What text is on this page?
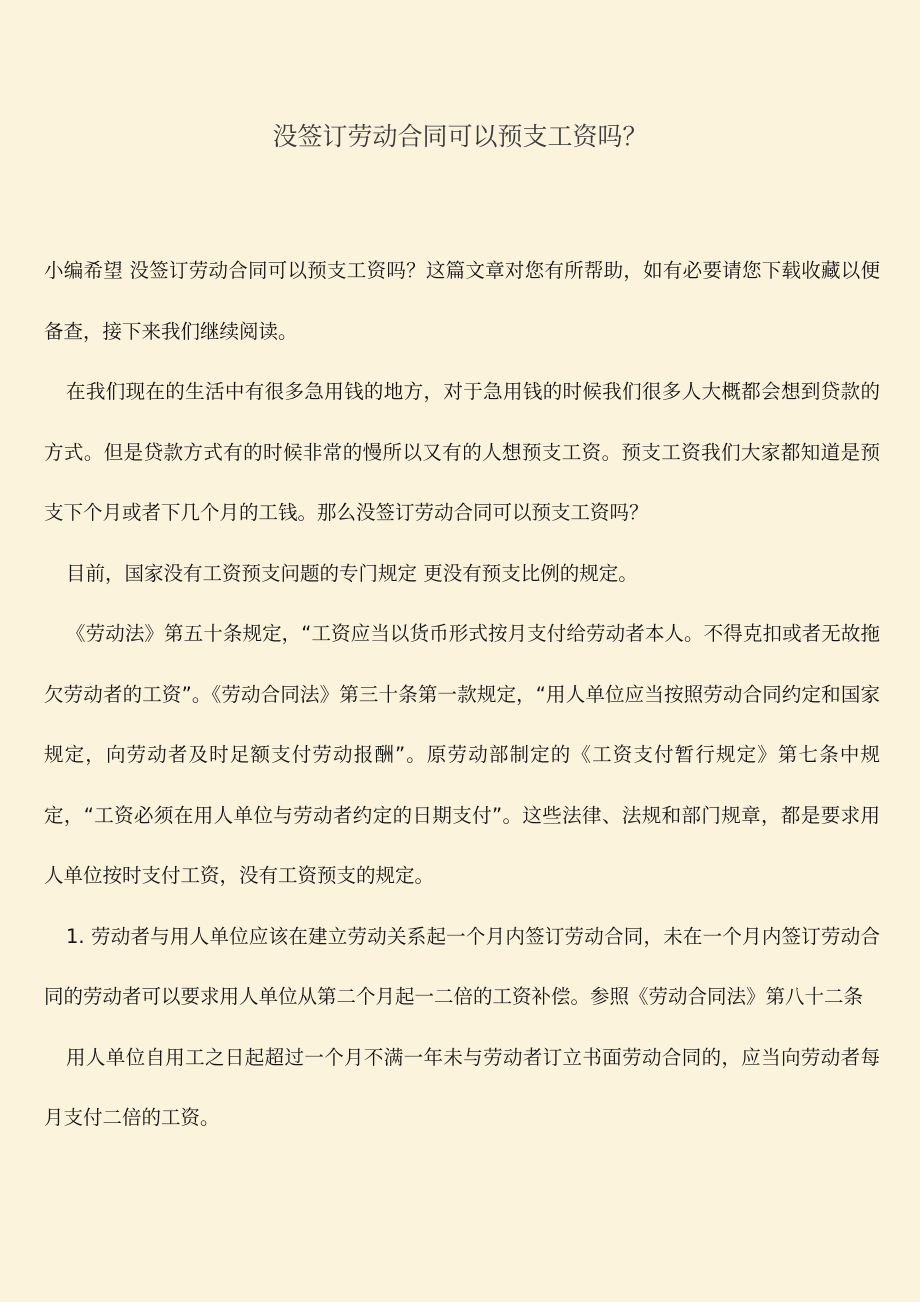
没签订劳动合同可以预支工资吗？

小编希望 没签订劳动合同可以预支工资吗？这篇文章对您有所帮助，如有必要请您下载收藏以便备查，接下来我们继续阅读。

在我们现在的生活中有很多急用钱的地方，对于急用钱的时候我们很多人大概都会想到贷款的方式。但是贷款方式有的时候非常的慢所以又有的人想预支工资。预支工资我们大家都知道是预支下个月或者下几个月的工钱。那么没签订劳动合同可以预支工资吗？

目前，国家没有工资预支问题的专门规定 更没有预支比例的规定。

《劳动法》第五十条规定，“工资应当以货币形式按月支付给劳动者本人。不得克扣或者无故拖欠劳动者的工资”。《劳动合同法》第三十条第一款规定，“用人单位应当按照劳动合同约定和国家规定，向劳动者及时足额支付劳动报酬”。原劳动部制定的《工资支付暂行规定》第七条中规定，“工资必须在用人单位与劳动者约定的日期支付”。这些法律、法规和部门规章，都是要求用人单位按时支付工资，没有工资预支的规定。

1. 劳动者与用人单位应该在建立劳动关系起一个月内签订劳动合同，未在一个月内签订劳动合同的劳动者可以要求用人单位从第二个月起一二倍的工资补偿。参照《劳动合同法》第八十二条

用人单位自用工之日起超过一个月不满一年未与劳动者订立书面劳动合同的，应当向劳动者每月支付二倍的工资。
